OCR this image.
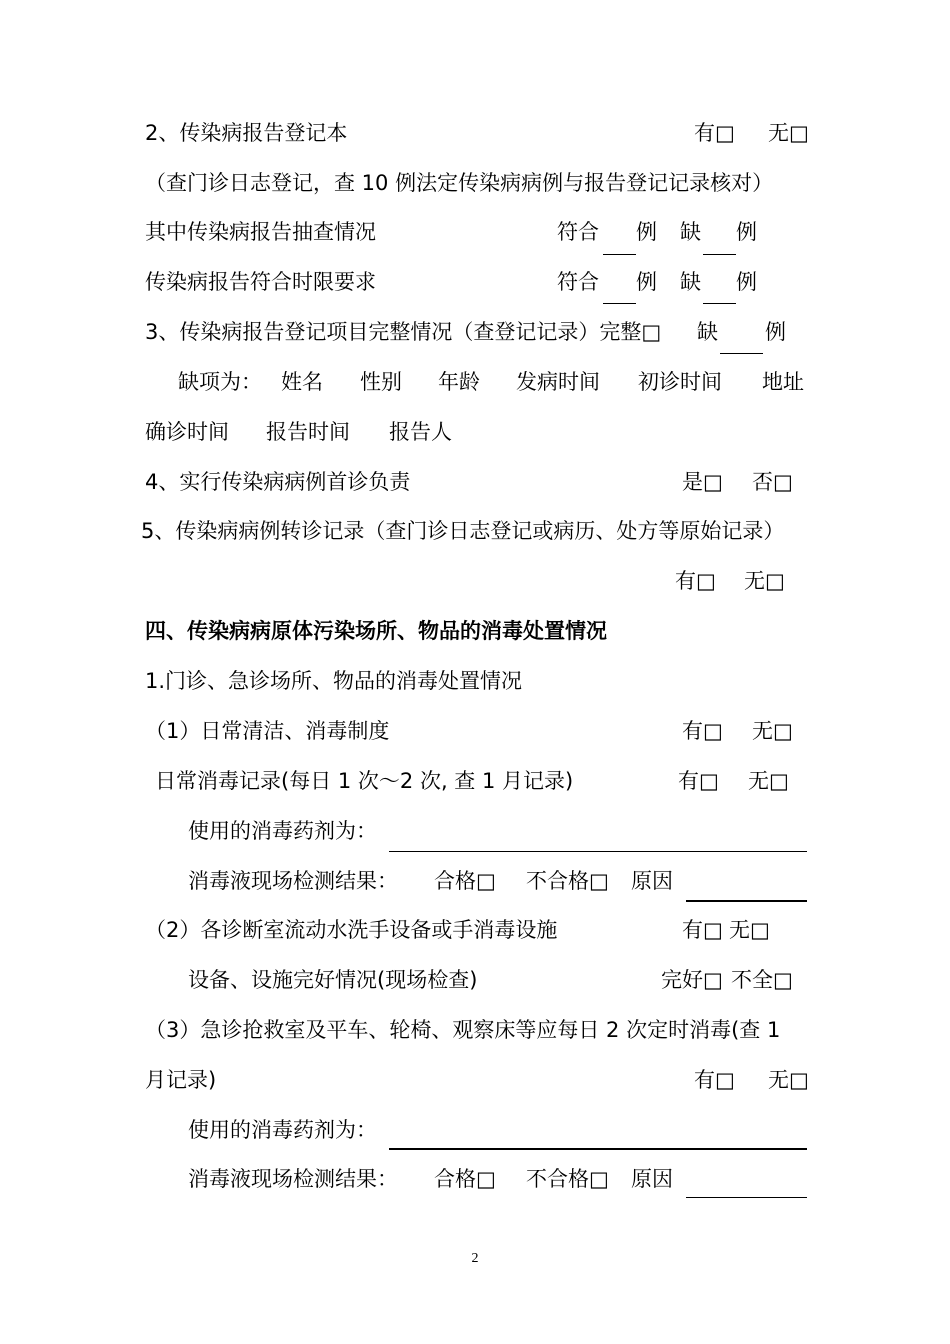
2、传染病报告登记本	有□ 无□
（查门诊日志登记，查 10 例法定传染病病例与报告登记记录核对）
其中传染病报告抽查情况	符合 例 缺 例
传染病报告符合时限要求	符合 例 缺 例
3、传染病报告登记项目完整情况（查登记记录）完整□ 缺 例
缺项为： 姓名 性别 年龄 发病时间 初诊时间 地址
确诊时间 报告时间 报告人
4、实行传染病病例首诊负责	是□ 否□
5、传染病病例转诊记录（查门诊日志登记或病历、处方等原始记录）
有□ 无□
四、传染病病原体污染场所、物品的消毒处置情况
1.门诊、急诊场所、物品的消毒处置情况
（1）日常清洁、消毒制度	有□ 无□
日常消毒记录(每日 1 次～2 次, 查 1 月记录)	有□ 无□
使用的消毒药剂为：
消毒液现场检测结果： 合格□ 不合格□ 原因
（2）各诊断室流动水洗手设备或手消毒设施	有□ 无□
设备、设施完好情况(现场检查)	完好□ 不全□
（3）急诊抢救室及平车、轮椅、观察床等应每日 2 次定时消毒(查 1
月记录)	有□ 无□
使用的消毒药剂为：
消毒液现场检测结果： 合格□ 不合格□ 原因
2
